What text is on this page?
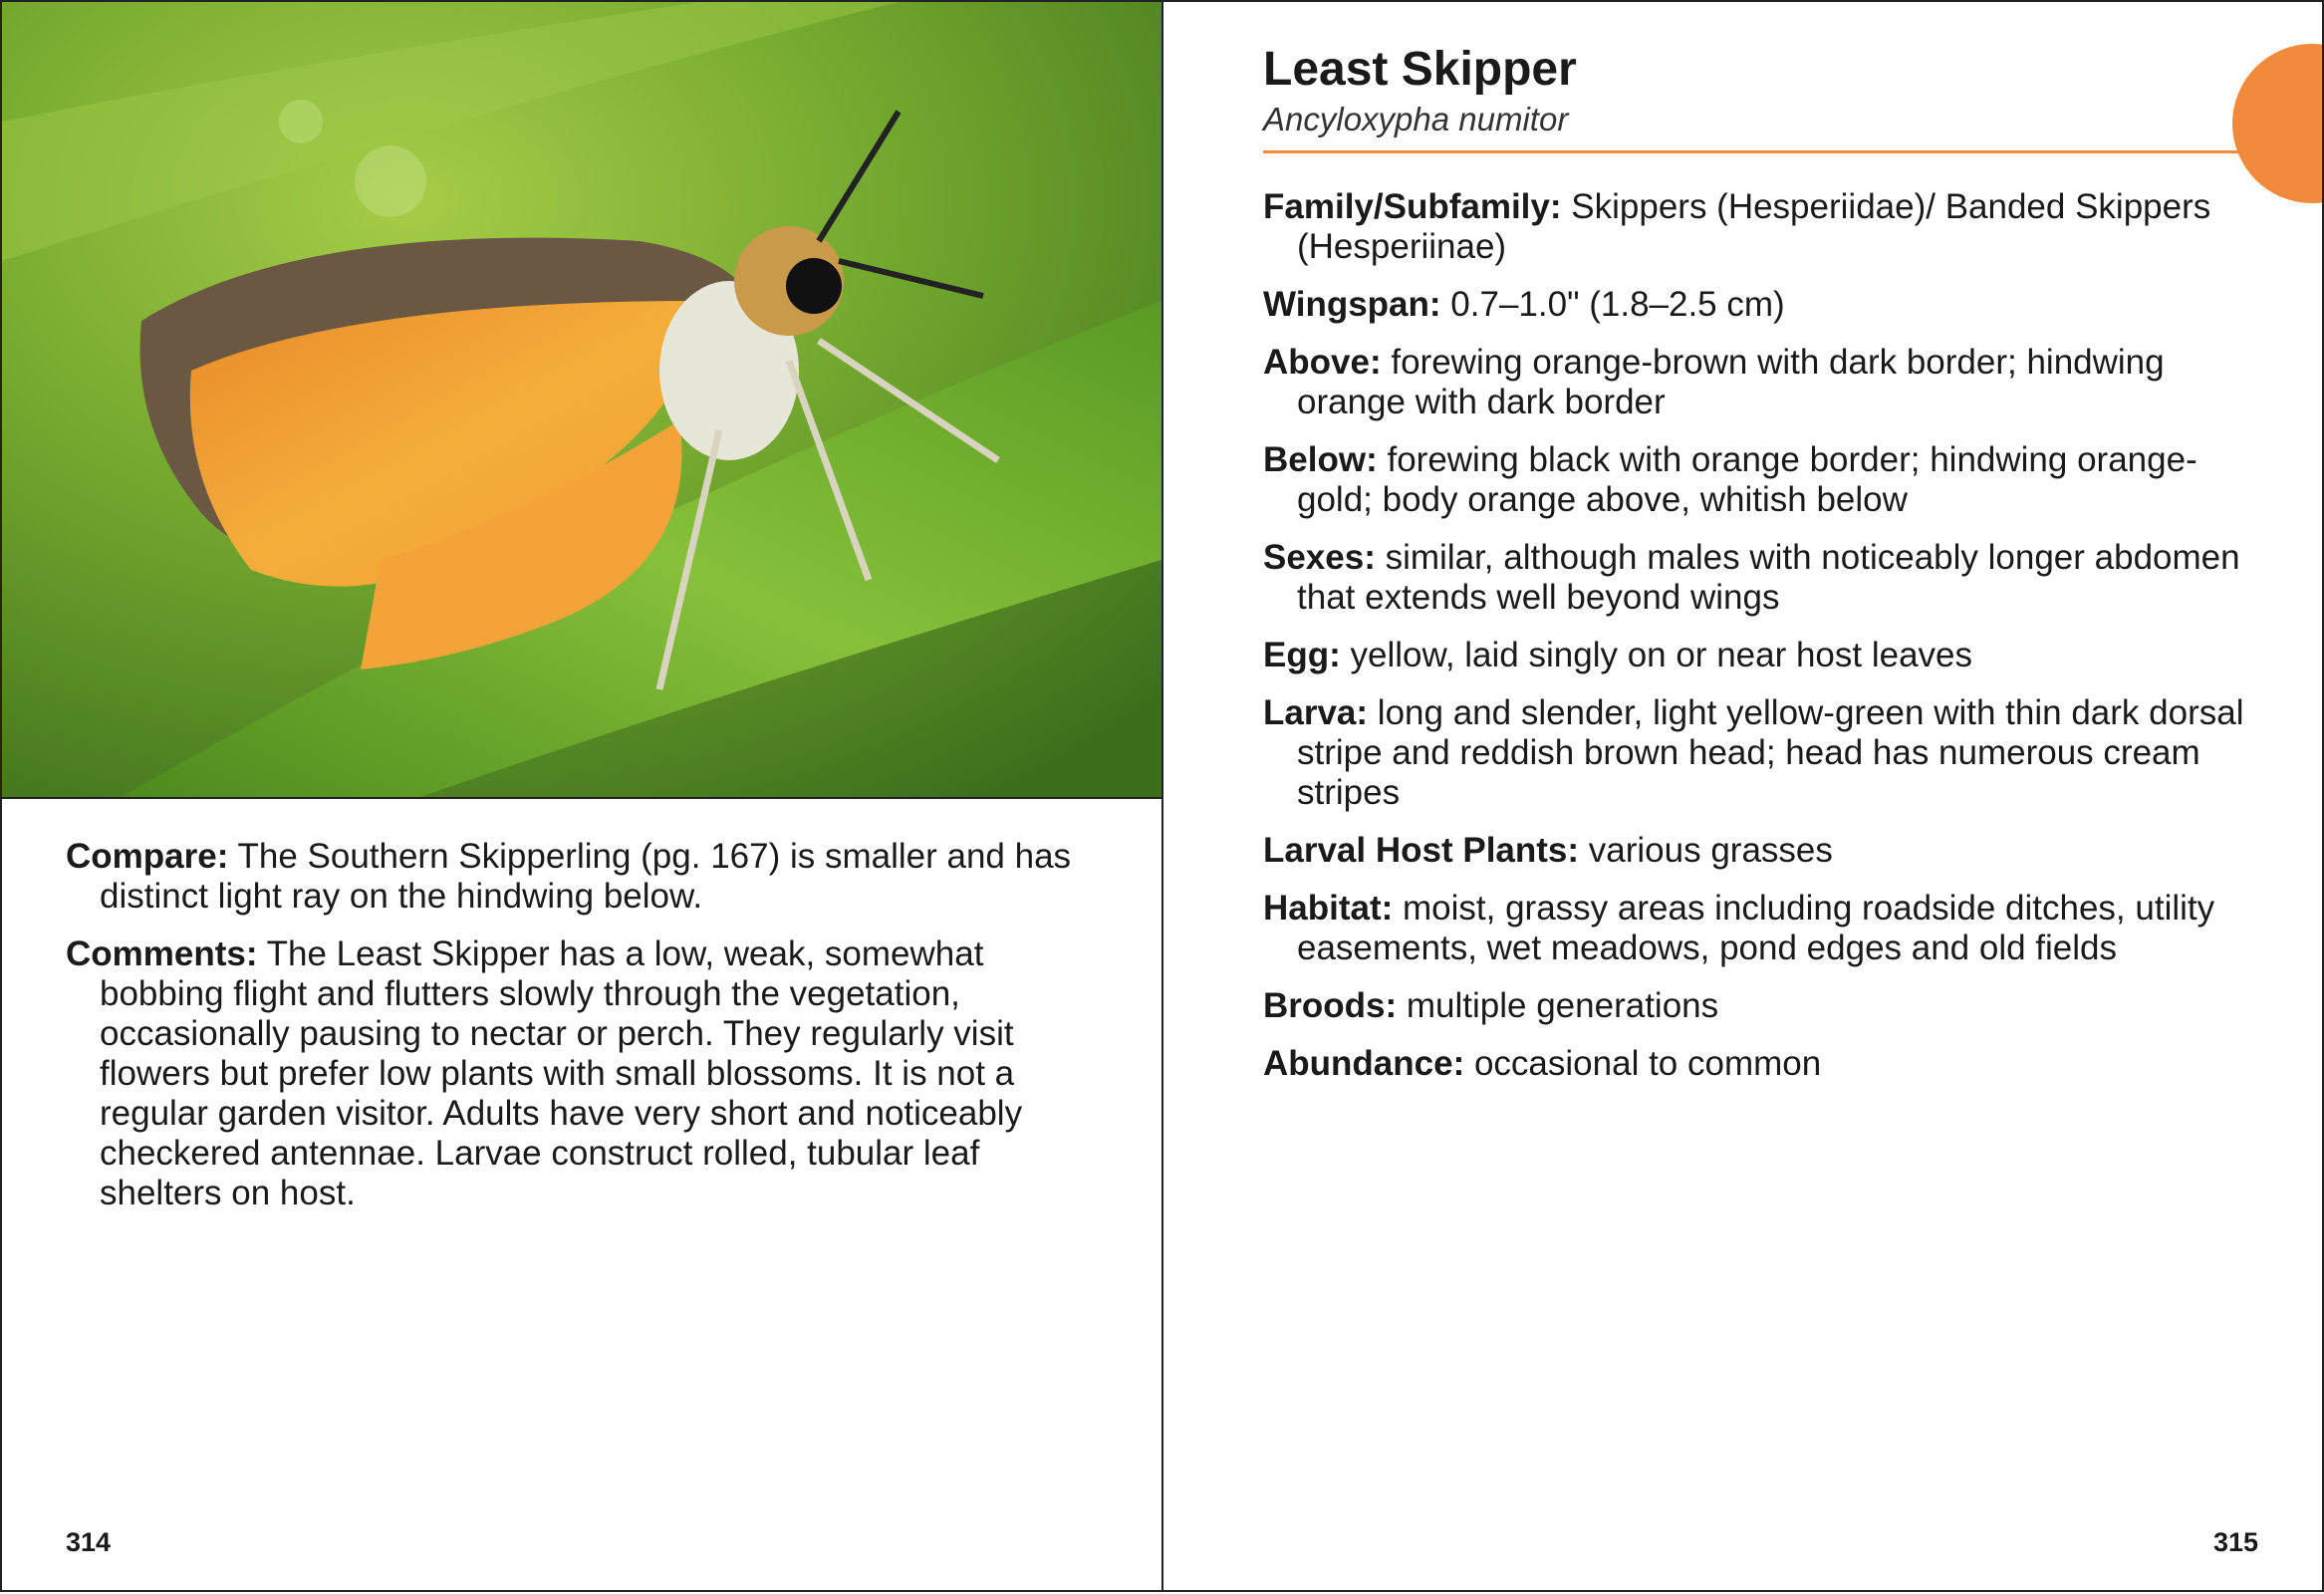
Compare: The Southern Skipperling (pg. 167) is smaller and has distinct light ray on the hindwing below.

Comments: The Least Skipper has a low, weak, somewhat bobbing flight and flutters slowly through the vegetation, occasionally pausing to nectar or perch. They regularly visit flowers but prefer low plants with small blossoms. It is not a regular garden visitor. Adults have very short and noticeably checkered antennae. Larvae construct rolled, tubular leaf shelters on host.

314

Least Skipper

Ancyloxypha numitor

Family/Subfamily: Skippers (Hesperiidae)/ Banded Skippers (Hesperiinae)

Wingspan: 0.7–1.0" (1.8–2.5 cm)

Above: forewing orange-brown with dark border; hindwing orange with dark border

Below: forewing black with orange border; hindwing orange-gold; body orange above, whitish below

Sexes: similar, although males with noticeably longer abdomen that extends well beyond wings

Egg: yellow, laid singly on or near host leaves

Larva: long and slender, light yellow-green with thin dark dorsal stripe and reddish brown head; head has numerous cream stripes

Larval Host Plants: various grasses

Habitat: moist, grassy areas including roadside ditches, utility easements, wet meadows, pond edges and old fields

Broods: multiple generations

Abundance: occasional to common

315
